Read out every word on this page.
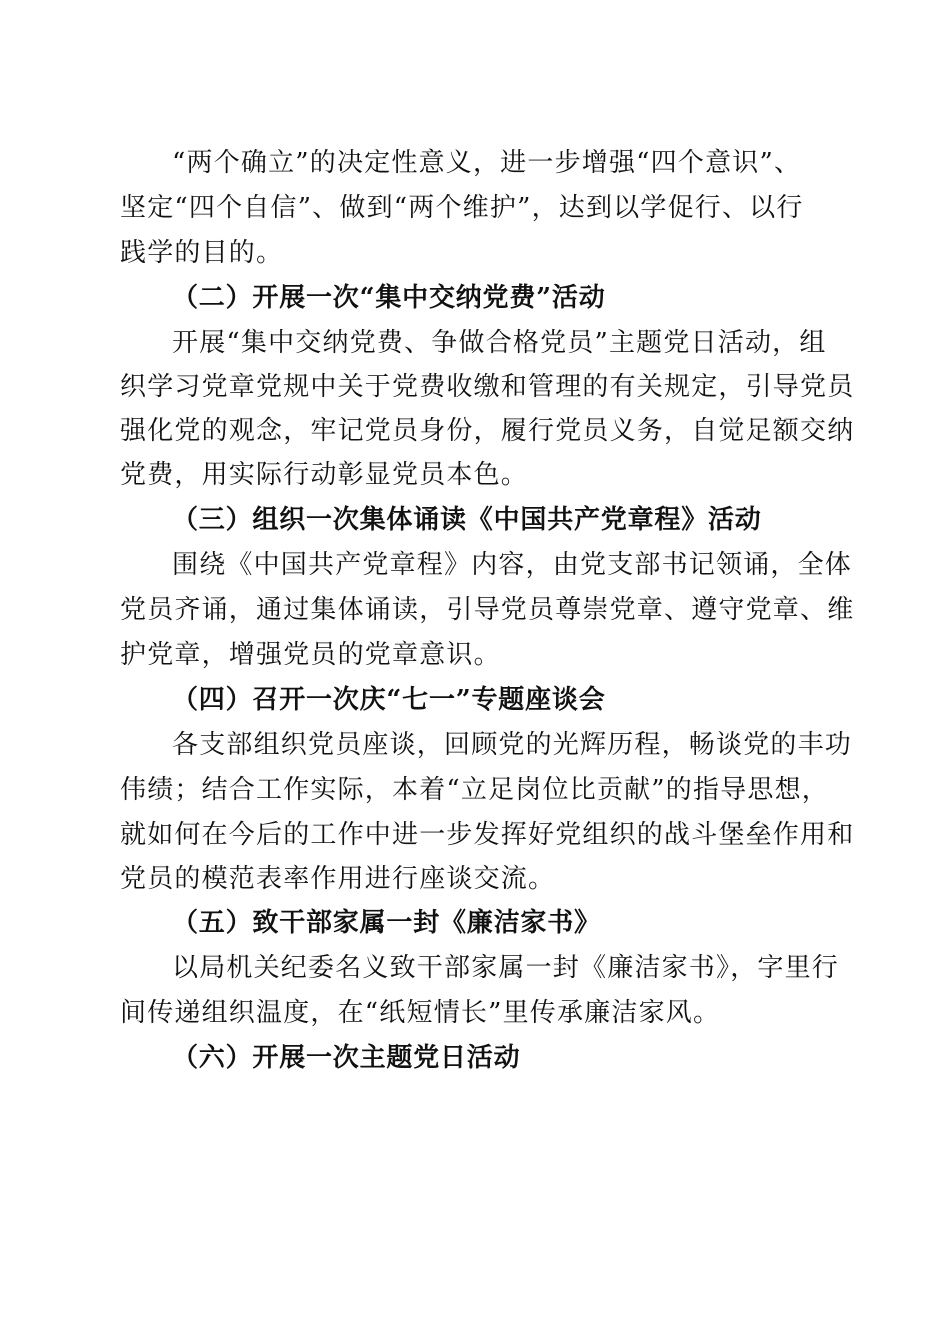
“两个确立”的决定性意义，进一步增强“四个意识”、
坚定“四个自信”、做到“两个维护”，达到以学促行、以行
践学的目的。
（二）开展一次“集中交纳党费”活动
开展“集中交纳党费、争做合格党员”主题党日活动，组
织学习党章党规中关于党费收缴和管理的有关规定，引导党员
强化党的观念，牢记党员身份，履行党员义务，自觉足额交纳
党费，用实际行动彰显党员本色。
（三）组织一次集体诵读《中国共产党章程》活动
围绕《中国共产党章程》内容，由党支部书记领诵，全体
党员齐诵，通过集体诵读，引导党员尊崇党章、遵守党章、维
护党章，增强党员的党章意识。
（四）召开一次庆“七一”专题座谈会
各支部组织党员座谈，回顾党的光辉历程，畅谈党的丰功
伟绩；结合工作实际，本着“立足岗位比贡献”的指导思想，
就如何在今后的工作中进一步发挥好党组织的战斗堡垒作用和
党员的模范表率作用进行座谈交流。
（五）致干部家属一封《廉洁家书》
以局机关纪委名义致干部家属一封《廉洁家书》，字里行
间传递组织温度，在“纸短情长”里传承廉洁家风。
（六）开展一次主题党日活动
